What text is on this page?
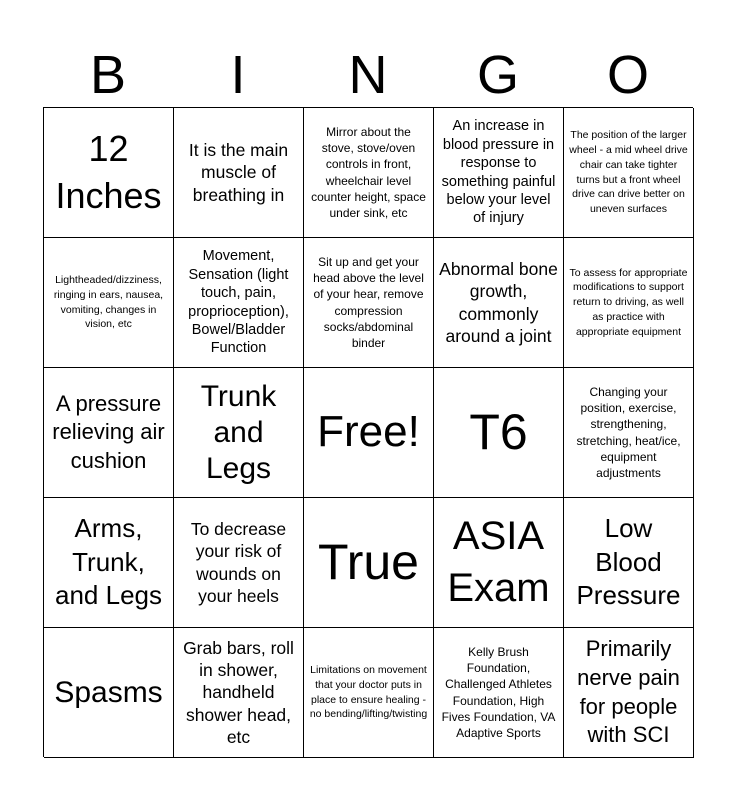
B	I	N	G	O
12 Inches
It is the main muscle of breathing in
Mirror about the stove, stove/oven controls in front, wheelchair level counter height, space under sink, etc
An increase in blood pressure in response to something painful below your level of injury
The position of the larger wheel - a mid wheel drive chair can take tighter turns but a front wheel drive can drive better on uneven surfaces
Lightheaded/dizziness, ringing in ears, nausea, vomiting, changes in vision, etc
Movement, Sensation (light touch, pain, proprioception), Bowel/Bladder Function
Sit up and get your head above the level of your hear, remove compression socks/abdominal binder
Abnormal bone growth, commonly around a joint
To assess for appropriate modifications to support return to driving, as well as practice with appropriate equipment
A pressure relieving air cushion
Trunk and Legs
Free! T6
Changing your position, exercise, strengthening, stretching, heat/ice, equipment adjustments
Arms, Trunk, and Legs
To decrease your risk of wounds on your heels
True ASIA Exam
Low Blood Pressure
Spasms
Grab bars, roll in shower, handheld shower head, etc
Limitations on movement that your doctor puts in place to ensure healing - no bending/lifting/twisting
Kelly Brush Foundation, Challenged Athletes Foundation, High Fives Foundation, VA Adaptive Sports
Primarily nerve pain for people with SCI
